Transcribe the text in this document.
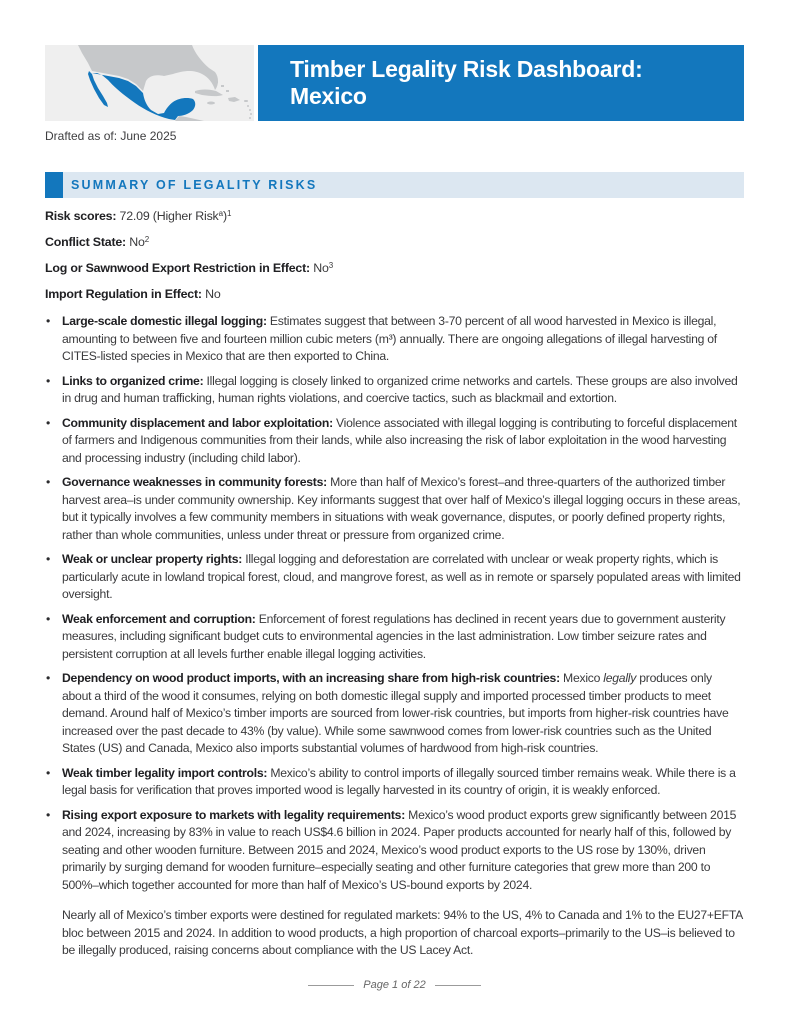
Timber Legality Risk Dashboard:
Mexico
Drafted as of: June 2025
SUMMARY OF LEGALITY RISKS

Risk scores: 72.09 (Higher Risk$^a$)$^1$

Conflict State: No$^2$

Log or Sawnwood Export Restriction in Effect: No$^3$

Import Regulation in Effect: No

• Large-scale domestic illegal logging: Estimates suggest that between 3-70 percent of all wood harvested in Mexico is illegal, amounting to between five and fourteen million cubic meters (m³) annually. There are ongoing allegations of illegal harvesting of CITES-listed species in Mexico that are then exported to China.
• Links to organized crime: Illegal logging is closely linked to organized crime networks and cartels. These groups are also involved in drug and human trafficking, human rights violations, and coercive tactics, such as blackmail and extortion.
• Community displacement and labor exploitation: Violence associated with illegal logging is contributing to forceful displacement of farmers and Indigenous communities from their lands, while also increasing the risk of labor exploitation in the wood harvesting and processing industry (including child labor).
• Governance weaknesses in community forests: More than half of Mexico’s forest–and three-quarters of the authorized timber harvest area–is under community ownership. Key informants suggest that over half of Mexico’s illegal logging occurs in these areas, but it typically involves a few community members in situations with weak governance, disputes, or poorly defined property rights, rather than whole communities, unless under threat or pressure from organized crime.
• Weak or unclear property rights: Illegal logging and deforestation are correlated with unclear or weak property rights, which is particularly acute in lowland tropical forest, cloud, and mangrove forest, as well as in remote or sparsely populated areas with limited oversight.
• Weak enforcement and corruption: Enforcement of forest regulations has declined in recent years due to government austerity measures, including significant budget cuts to environmental agencies in the last administration. Low timber seizure rates and persistent corruption at all levels further enable illegal logging activities.
• Dependency on wood product imports, with an increasing share from high-risk countries: Mexico legally produces only about a third of the wood it consumes, relying on both domestic illegal supply and imported processed timber products to meet demand. Around half of Mexico’s timber imports are sourced from lower-risk countries, but imports from higher-risk countries have increased over the past decade to 43% (by value). While some sawnwood comes from lower-risk countries such as the United States (US) and Canada, Mexico also imports substantial volumes of hardwood from high-risk countries.
• Weak timber legality import controls: Mexico’s ability to control imports of illegally sourced timber remains weak. While there is a legal basis for verification that proves imported wood is legally harvested in its country of origin, it is weakly enforced.
• Rising export exposure to markets with legality requirements: Mexico’s wood product exports grew significantly between 2015 and 2024, increasing by 83% in value to reach US$4.6 billion in 2024. Paper products accounted for nearly half of this, followed by seating and other wooden furniture. Between 2015 and 2024, Mexico’s wood product exports to the US rose by 130%, driven primarily by surging demand for wooden furniture–especially seating and other furniture categories that grew more than 200 to 500%–which together accounted for more than half of Mexico’s US-bound exports by 2024.

Nearly all of Mexico’s timber exports were destined for regulated markets: 94% to the US, 4% to Canada and 1% to the EU27+EFTA bloc between 2015 and 2024. In addition to wood products, a high proportion of charcoal exports–primarily to the US–is believed to be illegally produced, raising concerns about compliance with the US Lacey Act.

Page 1 of 22
